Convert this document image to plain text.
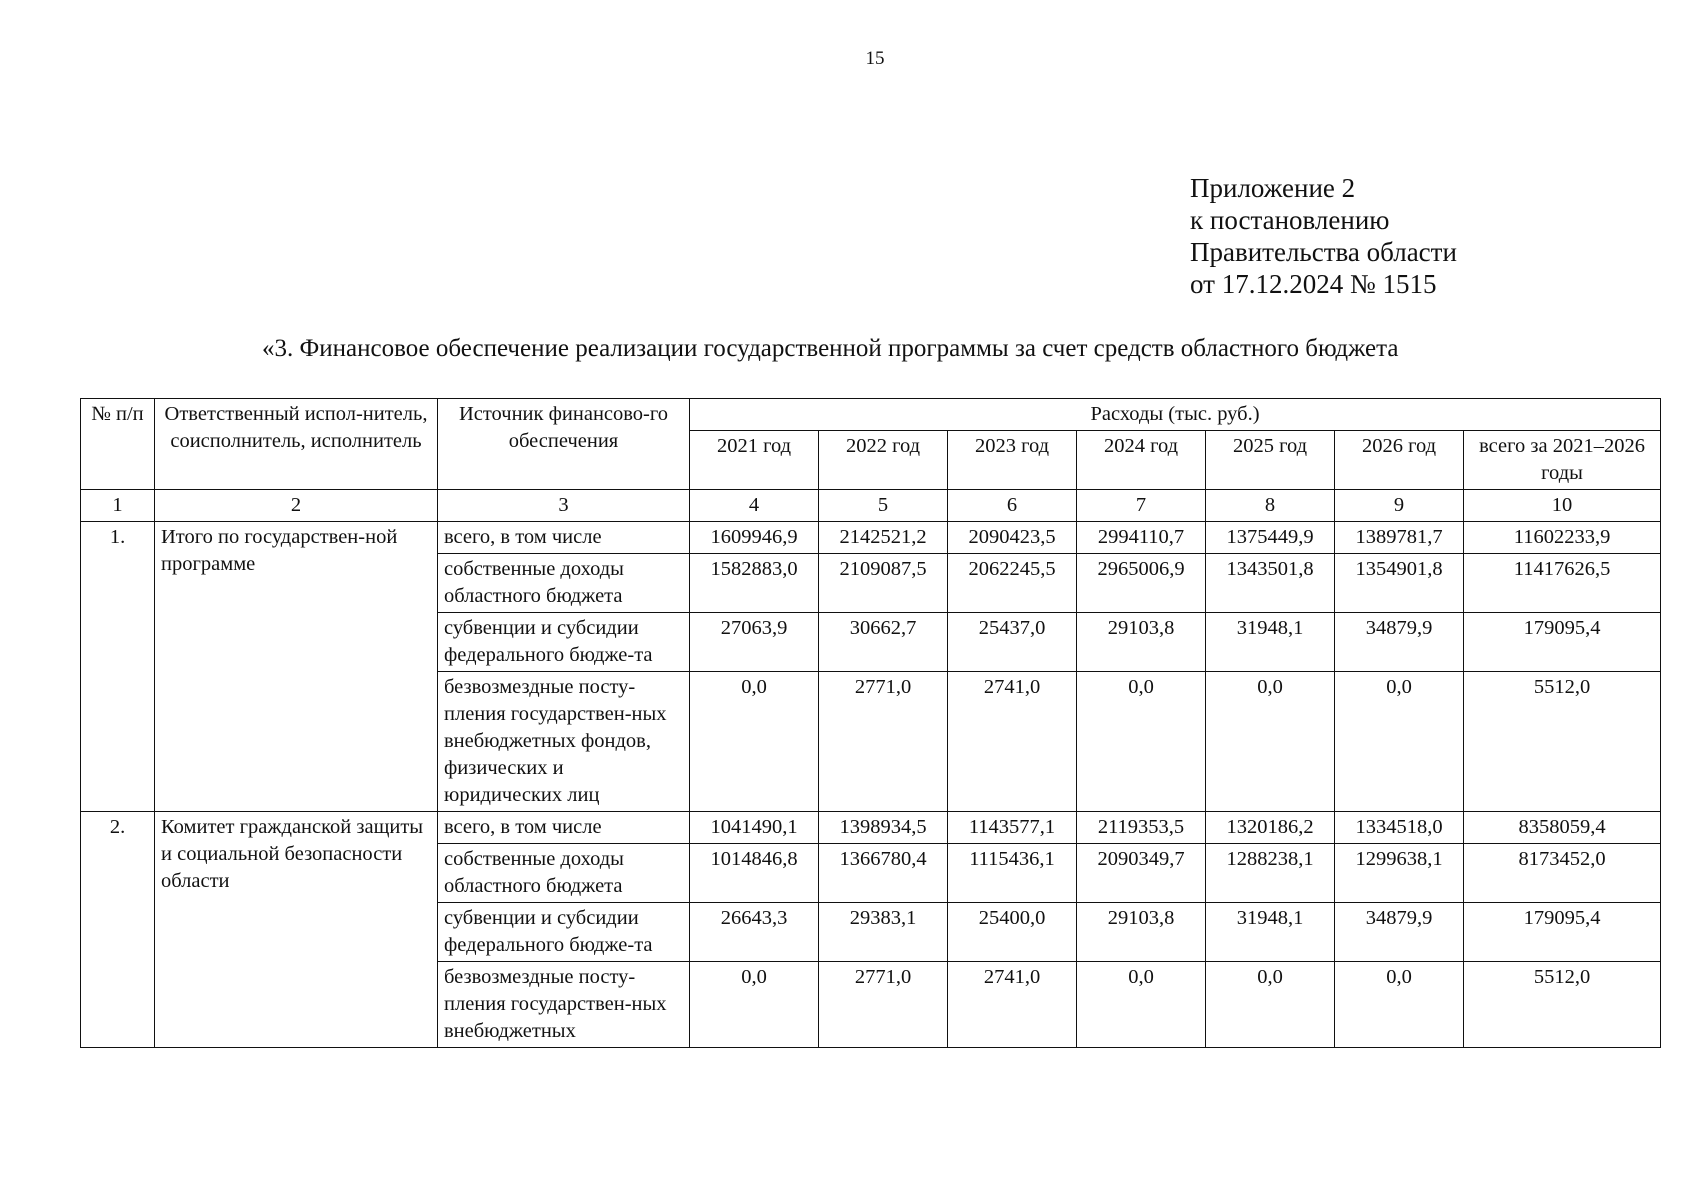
15
Приложение 2
к постановлению
Правительства области
от 17.12.2024 № 1515
«3. Финансовое обеспечение реализации государственной программы за счет средств областного бюджета
№ п/п	Ответственный испол-нитель, соисполнитель, исполнитель	Источник финансово-го обеспечения	Расходы (тыс. руб.)						
			2021 год	2022 год	2023 год	2024 год	2025 год	2026 год	всего за 2021–2026 годы
1	2	3	4	5	6	7	8	9	10
1.	Итого по государствен-ной программе	всего, в том числе	1609946,9	2142521,2	2090423,5	2994110,7	1375449,9	1389781,7	11602233,9
		собственные доходы областного бюджета	1582883,0	2109087,5	2062245,5	2965006,9	1343501,8	1354901,8	11417626,5
		субвенции и субсидии федерального бюдже-та	27063,9	30662,7	25437,0	29103,8	31948,1	34879,9	179095,4
		безвозмездные посту-пления государствен-ных внебюджетных фондов, физических и юридических лиц	0,0	2771,0	2741,0	0,0	0,0	0,0	5512,0
2.	Комитет гражданской защиты и социальной безопасности области	всего, в том числе	1041490,1	1398934,5	1143577,1	2119353,5	1320186,2	1334518,0	8358059,4
		собственные доходы областного бюджета	1014846,8	1366780,4	1115436,1	2090349,7	1288238,1	1299638,1	8173452,0
		субвенции и субсидии федерального бюдже-та	26643,3	29383,1	25400,0	29103,8	31948,1	34879,9	179095,4
		безвозмездные посту-пления государствен-ных внебюджетных	0,0	2771,0	2741,0	0,0	0,0	0,0	5512,0
